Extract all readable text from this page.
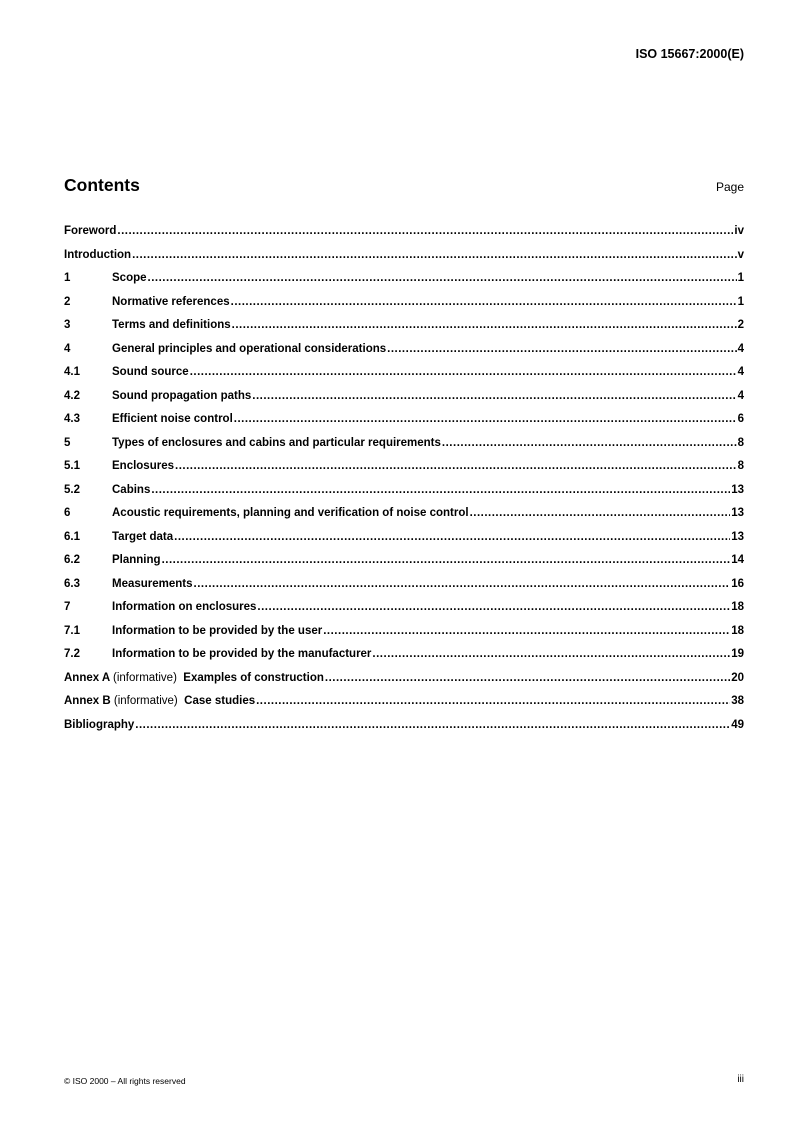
ISO 15667:2000(E)
Contents	Page
Foreword .....	iv
Introduction .....	v
1	Scope .....	1
2	Normative references .....	1
3	Terms and definitions .....	2
4	General principles and operational considerations .....	4
4.1	Sound source .....	4
4.2	Sound propagation paths .....	4
4.3	Efficient noise control .....	6
5	Types of enclosures and cabins and particular requirements .....	8
5.1	Enclosures .....	8
5.2	Cabins .....	13
6	Acoustic requirements, planning and verification of noise control .....	13
6.1	Target data .....	13
6.2	Planning .....	14
6.3	Measurements .....	16
7	Information on enclosures .....	18
7.1	Information to be provided by the user .....	18
7.2	Information to be provided by the manufacturer .....	19
Annex A (informative) Examples of construction .....	20
Annex B (informative) Case studies .....	38
Bibliography .....	49
© ISO 2000 – All rights reserved	iii
